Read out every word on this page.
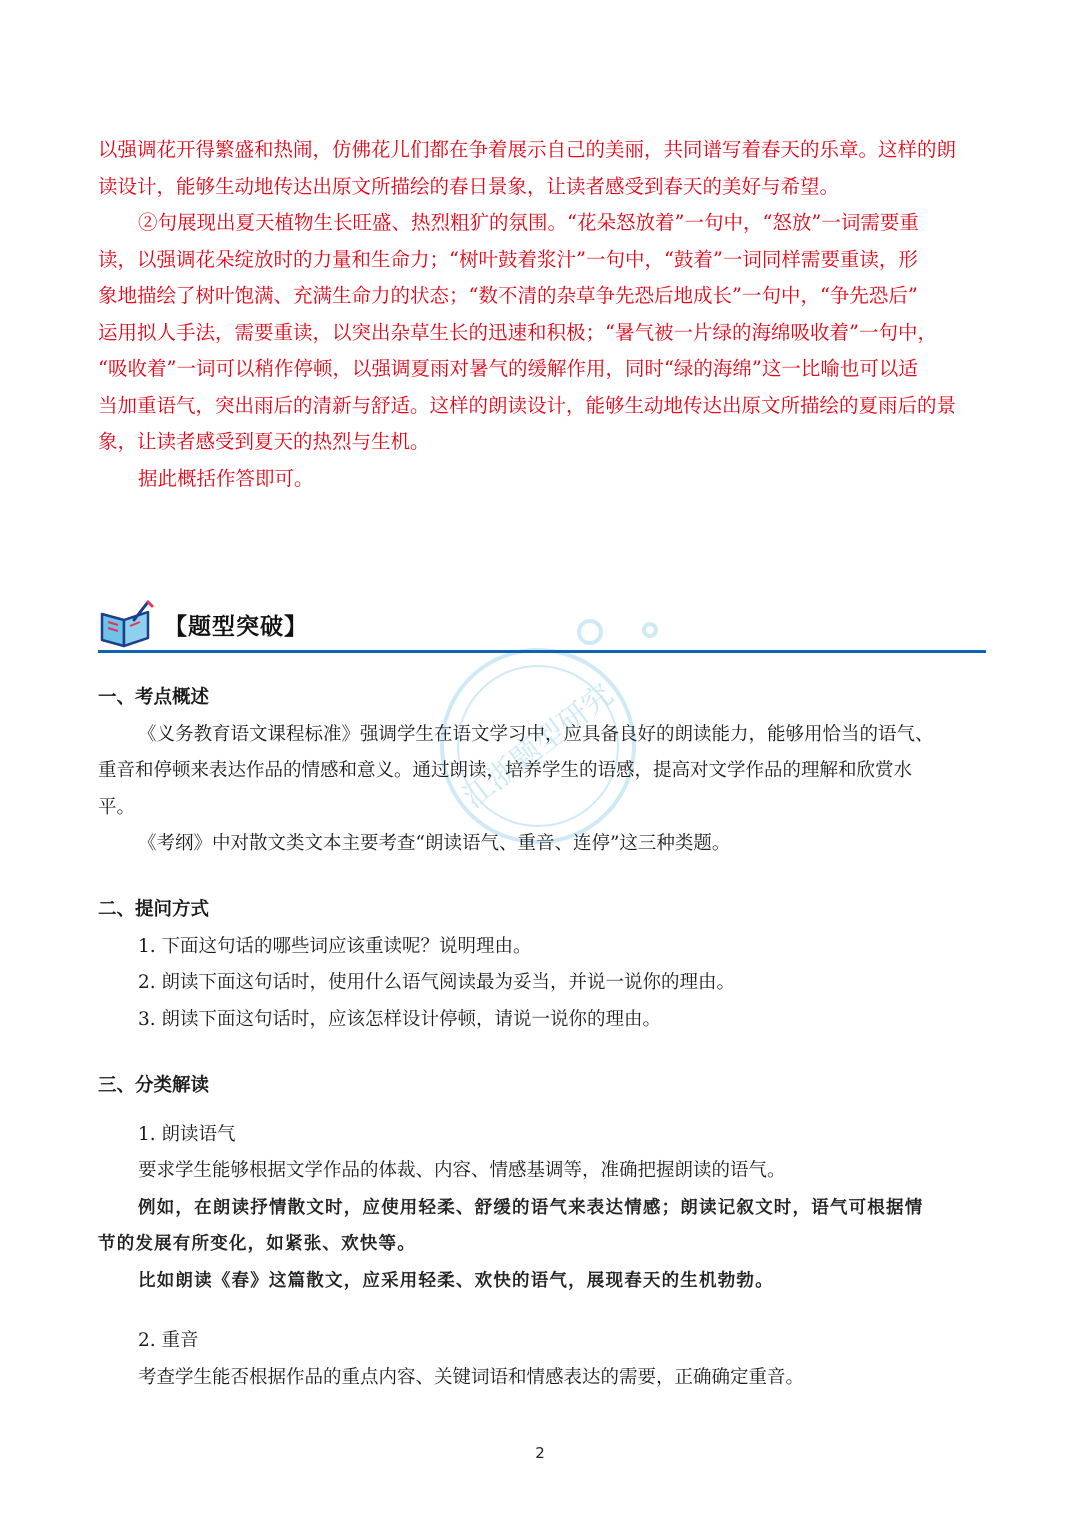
江浙题型研究

以强调花开得繁盛和热闹，仿佛花儿们都在争着展示自己的美丽，共同谱写着春天的乐章。这样的朗

读设计，能够生动地传达出原文所描绘的春日景象，让读者感受到春天的美好与希望。

②句展现出夏天植物生长旺盛、热烈粗犷的氛围。“花朵怒放着”一句中，“怒放”一词需要重

读，以强调花朵绽放时的力量和生命力；“树叶鼓着浆汁”一句中，“鼓着”一词同样需要重读，形

象地描绘了树叶饱满、充满生命力的状态；“数不清的杂草争先恐后地成长”一句中，“争先恐后”

运用拟人手法，需要重读，以突出杂草生长的迅速和积极；“暑气被一片绿的海绵吸收着”一句中，

“吸收着”一词可以稍作停顿，以强调夏雨对暑气的缓解作用，同时“绿的海绵”这一比喻也可以适

当加重语气，突出雨后的清新与舒适。这样的朗读设计，能够生动地传达出原文所描绘的夏雨后的景

象，让读者感受到夏天的热烈与生机。

据此概括作答即可。

【题型突破】

一、考点概述

《义务教育语文课程标准》强调学生在语文学习中，应具备良好的朗读能力，能够用恰当的语气、

重音和停顿来表达作品的情感和意义。通过朗读，培养学生的语感，提高对文学作品的理解和欣赏水

平。

《考纲》中对散文类文本主要考查“朗读语气、重音、连停”这三种类题。

二、提问方式

1. 下面这句话的哪些词应该重读呢？说明理由。

2. 朗读下面这句话时，使用什么语气阅读最为妥当，并说一说你的理由。

3. 朗读下面这句话时，应该怎样设计停顿，请说一说你的理由。

三、分类解读

1. 朗读语气

要求学生能够根据文学作品的体裁、内容、情感基调等，准确把握朗读的语气。

例如，在朗读抒情散文时，应使用轻柔、舒缓的语气来表达情感；朗读记叙文时，语气可根据情

节的发展有所变化，如紧张、欢快等。

比如朗读《春》这篇散文，应采用轻柔、欢快的语气，展现春天的生机勃勃。

2. 重音

考查学生能否根据作品的重点内容、关键词语和情感表达的需要，正确确定重音。

2
